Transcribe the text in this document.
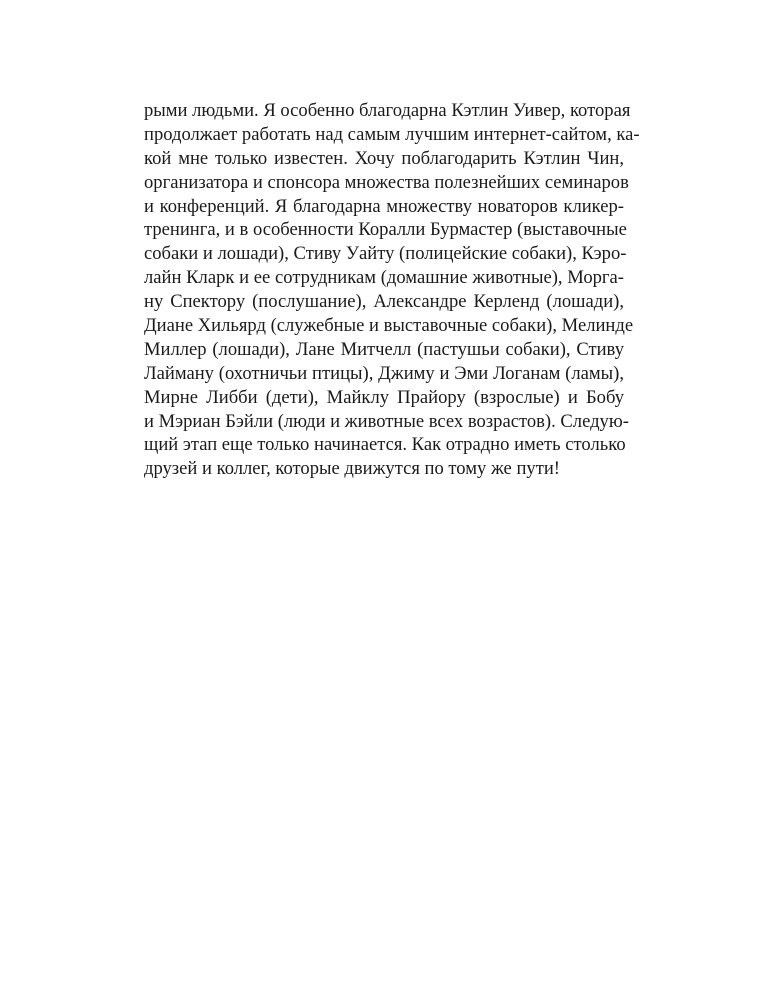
рыми людьми. Я особенно благодарна Кэтлин Уивер, которая
продолжает работать над самым лучшим интернет-сайтом, ка-
кой мне только известен. Хочу поблагодарить Кэтлин Чин,
организатора и спонсора множества полезнейших семинаров
и конференций. Я благодарна множеству новаторов кликер-
тренинга, и в особенности Коралли Бурмастер (выставочные
собаки и лошади), Стиву Уайту (полицейские собаки), Кэро-
лайн Кларк и ее сотрудникам (домашние животные), Морга-
ну Спектору (послушание), Александре Керленд (лошади),
Диане Хильярд (служебные и выставочные собаки), Мелинде
Миллер (лошади), Лане Митчелл (пастушьи собаки), Стиву
Лайману (охотничьи птицы), Джиму и Эми Логанам (ламы),
Мирне Либби (дети), Майклу Прайору (взрослые) и Бобу
и Мэриан Бэйли (люди и животные всех возрастов). Следую-
щий этап еще только начинается. Как отрадно иметь столько
друзей и коллег, которые движутся по тому же пути!
